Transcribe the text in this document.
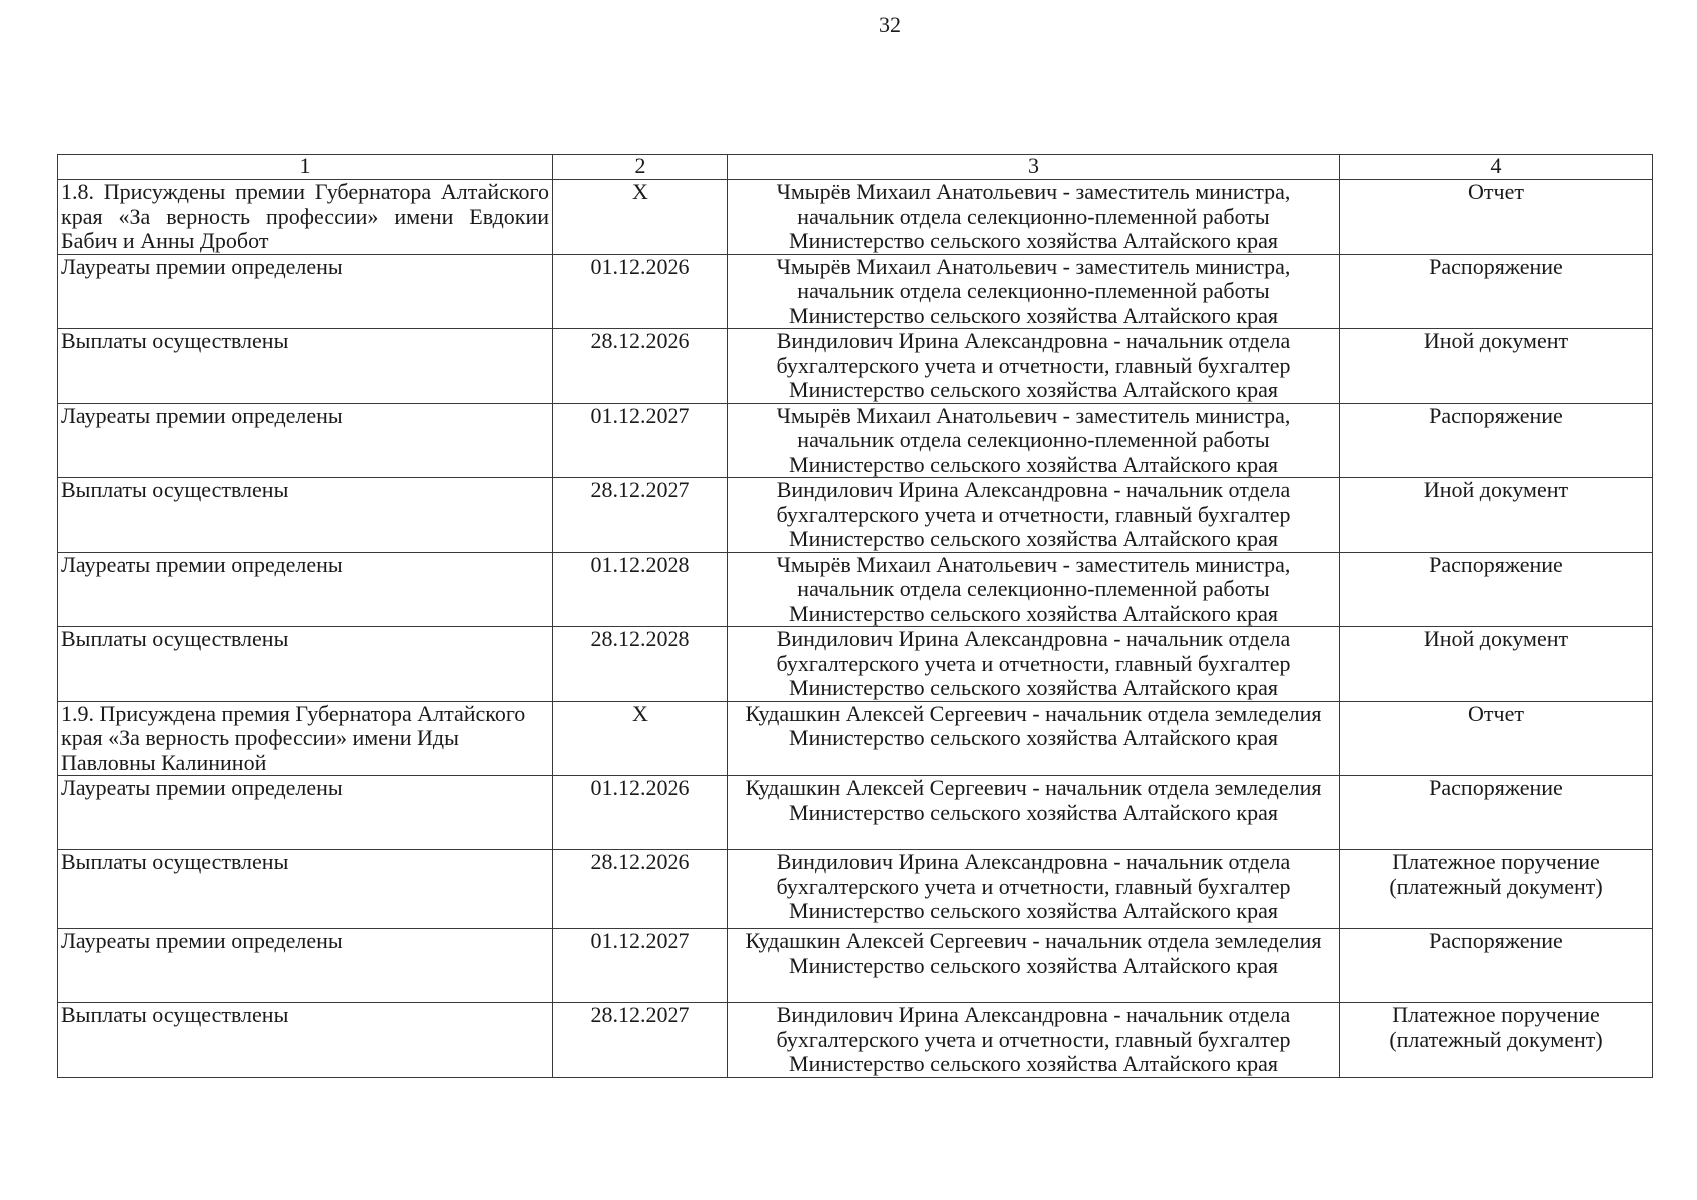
32
1	2	3	4
1.8. Присуждены премии Губернатора Алтайского края «За верность профессии» имени Евдокии Бабич и Анны Дробот	X	Чмырёв Михаил Анатольевич - заместитель министра, начальник отдела селекционно-племенной работы Министерство сельского хозяйства Алтайского края	Отчет
Лауреаты премии определены	01.12.2026	Чмырёв Михаил Анатольевич - заместитель министра, начальник отдела селекционно-племенной работы Министерство сельского хозяйства Алтайского края	Распоряжение
Выплаты осуществлены	28.12.2026	Виндилович Ирина Александровна - начальник отдела бухгалтерского учета и отчетности, главный бухгалтер Министерство сельского хозяйства Алтайского края	Иной документ
Лауреаты премии определены	01.12.2027	Чмырёв Михаил Анатольевич - заместитель министра, начальник отдела селекционно-племенной работы Министерство сельского хозяйства Алтайского края	Распоряжение
Выплаты осуществлены	28.12.2027	Виндилович Ирина Александровна - начальник отдела бухгалтерского учета и отчетности, главный бухгалтер Министерство сельского хозяйства Алтайского края	Иной документ
Лауреаты премии определены	01.12.2028	Чмырёв Михаил Анатольевич - заместитель министра, начальник отдела селекционно-племенной работы Министерство сельского хозяйства Алтайского края	Распоряжение
Выплаты осуществлены	28.12.2028	Виндилович Ирина Александровна - начальник отдела бухгалтерского учета и отчетности, главный бухгалтер Министерство сельского хозяйства Алтайского края	Иной документ
1.9. Присуждена премия Губернатора Алтайского края «За верность профессии» имени Иды Павловны Калининой	X	Кудашкин Алексей Сергеевич - начальник отдела земледелия Министерство сельского хозяйства Алтайского края	Отчет
Лауреаты премии определены	01.12.2026	Кудашкин Алексей Сергеевич - начальник отдела земледелия Министерство сельского хозяйства Алтайского края	Распоряжение
Выплаты осуществлены	28.12.2026	Виндилович Ирина Александровна - начальник отдела бухгалтерского учета и отчетности, главный бухгалтер Министерство сельского хозяйства Алтайского края	Платежное поручение (платежный документ)
Лауреаты премии определены	01.12.2027	Кудашкин Алексей Сергеевич - начальник отдела земледелия Министерство сельского хозяйства Алтайского края	Распоряжение
Выплаты осуществлены	28.12.2027	Виндилович Ирина Александровна - начальник отдела бухгалтерского учета и отчетности, главный бухгалтер Министерство сельского хозяйства Алтайского края	Платежное поручение (платежный документ)
